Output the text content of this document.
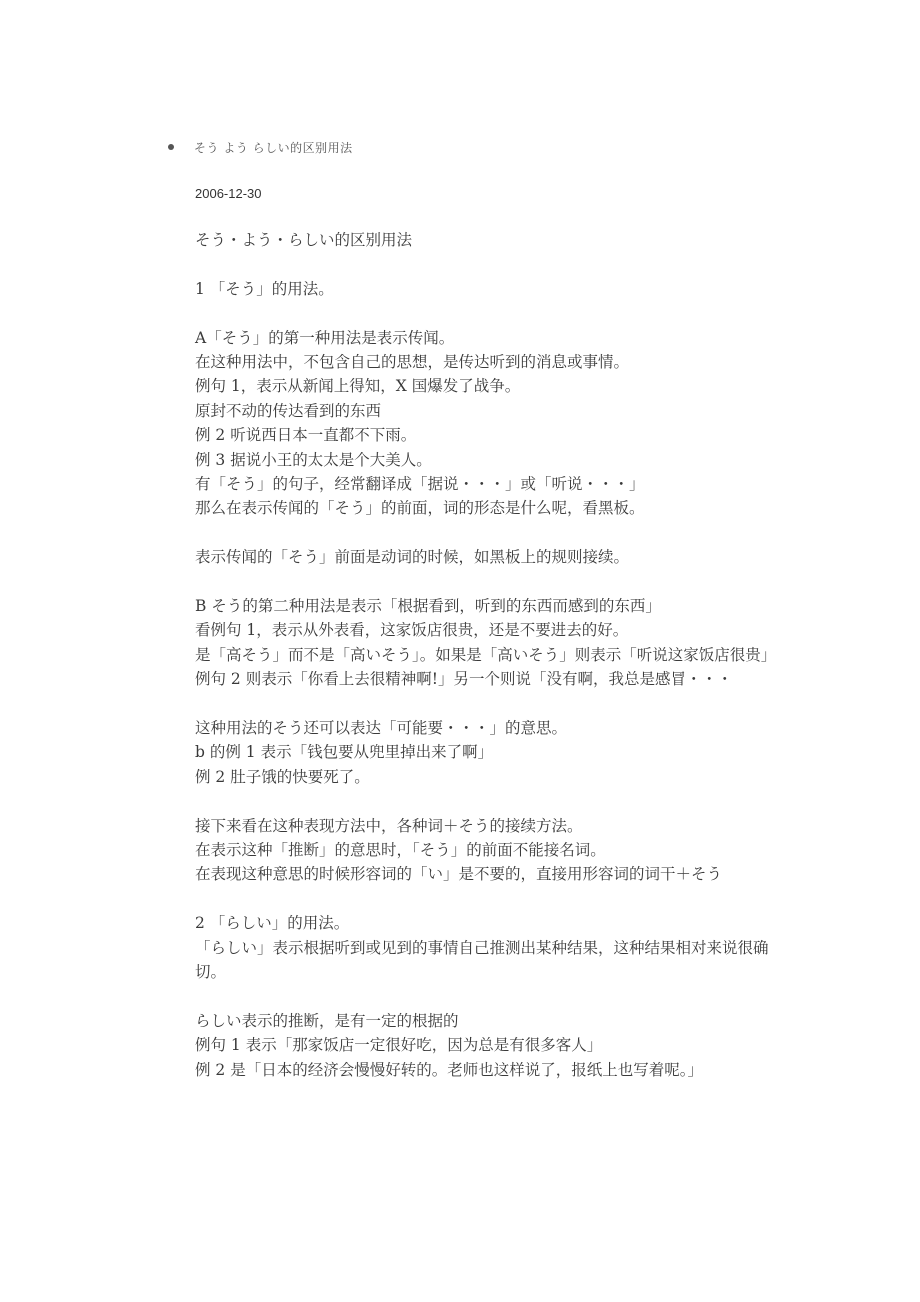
そう よう らしい的区别用法
2006-12-30
そう・よう・らしい的区别用法
1 「そう」的用法。
A「そう」的第一种用法是表示传闻。
在这种用法中，不包含自己的思想，是传达听到的消息或事情。
例句 1，表示从新闻上得知，X 国爆发了战争。
原封不动的传达看到的东西
例 2 听说西日本一直都不下雨。
例 3 据说小王的太太是个大美人。
有「そう」的句子，经常翻译成「据说・・・」或「听说・・・」
那么在表示传闻的「そう」的前面，词的形态是什么呢，看黑板。
表示传闻的「そう」前面是动词的时候，如黑板上的规则接续。
B そう的第二种用法是表示「根据看到，听到的东西而感到的东西」
看例句 1，表示从外表看，这家饭店很贵，还是不要进去的好。
是「高そう」而不是「高いそう」。如果是「高いそう」则表示「听说这家饭店很贵」
例句 2 则表示「你看上去很精神啊!」另一个则说「没有啊，我总是感冒・・・
这种用法的そう还可以表达「可能要・・・」的意思。
b 的例 1 表示「钱包要从兜里掉出来了啊」
例 2 肚子饿的快要死了。
接下来看在这种表现方法中，各种词＋そう的接续方法。
在表示这种「推断」的意思时，「そう」的前面不能接名词。
在表现这种意思的时候形容词的「い」是不要的，直接用形容词的词干＋そう
2 「らしい」的用法。
「らしい」表示根据听到或见到的事情自己推测出某种结果，这种结果相对来说很确切。
らしい表示的推断，是有一定的根据的
例句 1 表示「那家饭店一定很好吃，因为总是有很多客人」
例 2 是「日本的经济会慢慢好转的。老师也这样说了，报纸上也写着呢。」
